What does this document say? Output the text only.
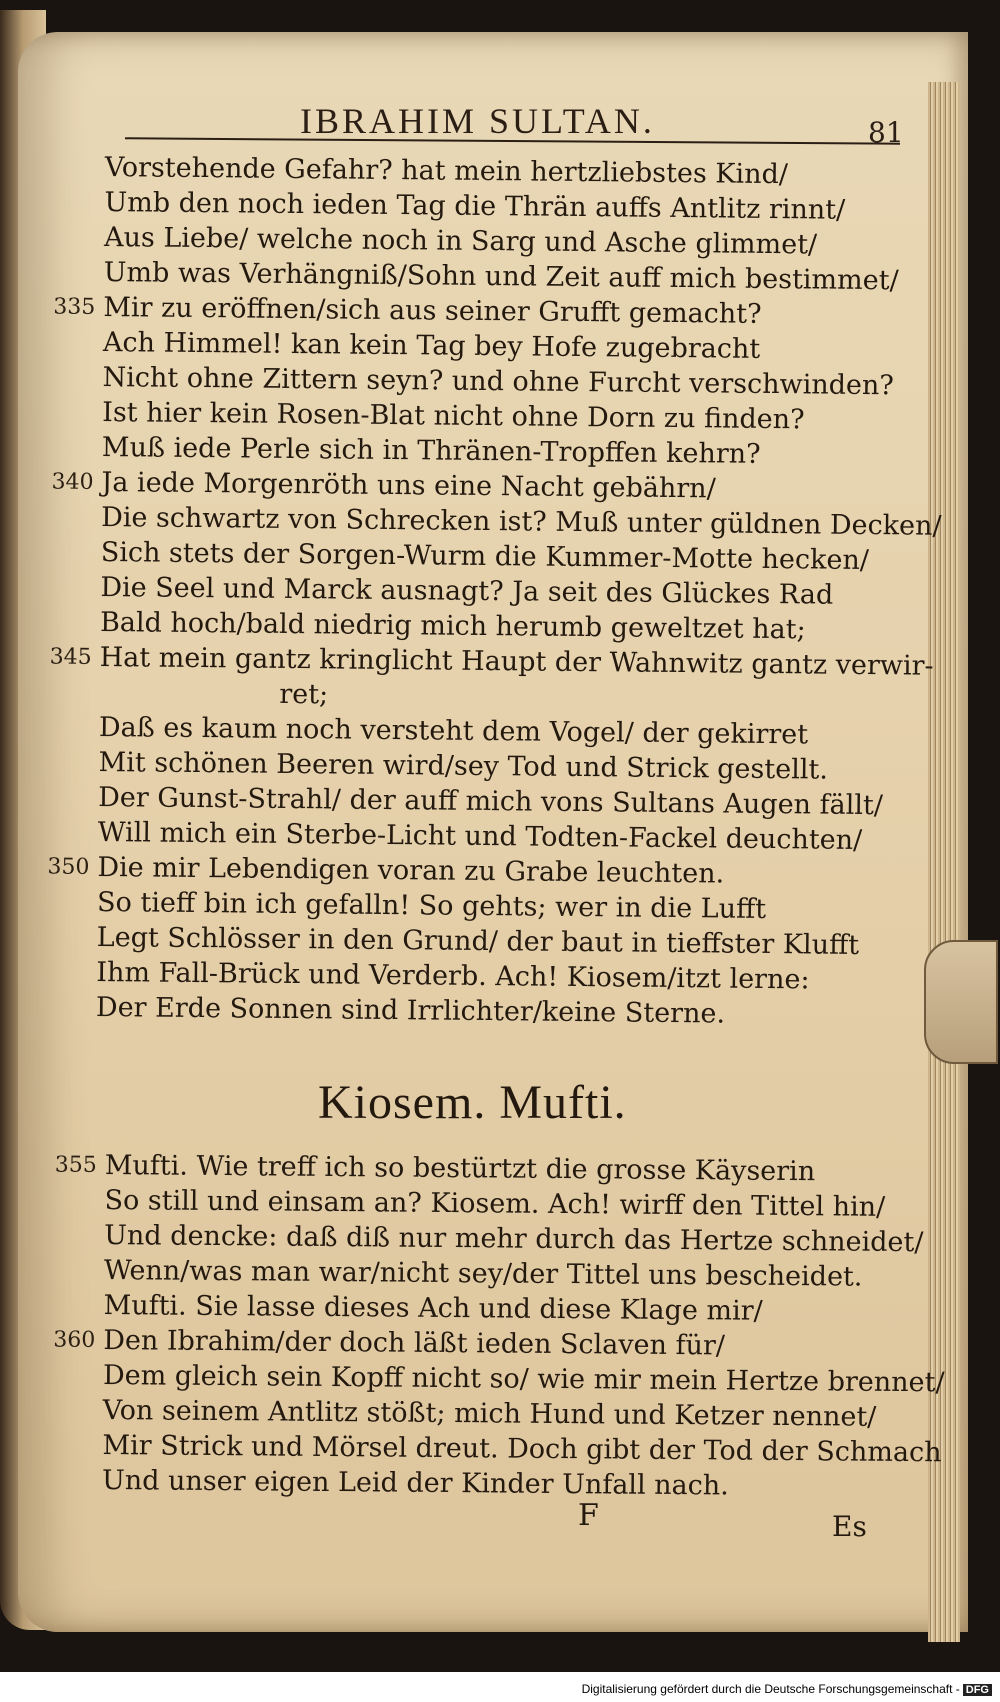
IBRAHIM SULTAN.	81
Vorstehende Gefahr? hat mein hertzliebstes Kind/
Umb den noch ieden Tag die Thrän auffs Antlitz rinnt/
Aus Liebe/ welche noch in Sarg und Asche glimmet/
Umb was Verhängniß/Sohn und Zeit auff mich bestimmet/
335 Mir zu eröffnen/sich aus seiner Grufft gemacht?
Ach Himmel! kan kein Tag bey Hofe zugebracht
Nicht ohne Zittern seyn? und ohne Furcht verschwinden?
Ist hier kein Rosen-Blat nicht ohne Dorn zu finden?
Muß iede Perle sich in Thränen-Tropffen kehrn?
340 Ja iede Morgenröth uns eine Nacht gebährn/
Die schwartz von Schrecken ist? Muß unter güldnen Decken/
Sich stets der Sorgen-Wurm die Kummer-Motte hecken/
Die Seel und Marck ausnagt? Ja seit des Glückes Rad
Bald hoch/bald niedrig mich herumb geweltzet hat;
345 Hat mein gantz kringlicht Haupt der Wahnwitz gantz verwir-
ret;
Daß es kaum noch versteht dem Vogel/ der gekirret
Mit schönen Beeren wird/sey Tod und Strick gestellt.
Der Gunst-Strahl/ der auff mich vons Sultans Augen fällt/
Will mich ein Sterbe-Licht und Todten-Fackel deuchten/
350 Die mir Lebendigen voran zu Grabe leuchten.
So tieff bin ich gefalln! So gehts; wer in die Lufft
Legt Schlösser in den Grund/ der baut in tieffster Klufft
Ihm Fall-Brück und Verderb. Ach! Kiosem/itzt lerne:
Der Erde Sonnen sind Irrlichter/keine Sterne.
Kiosem. Mufti.
355 Mufti. Wie treff ich so bestürtzt die grosse Käyserin
So still und einsam an? Kiosem. Ach! wirff den Tittel hin/
Und dencke: daß diß nur mehr durch das Hertze schneidet/
Wenn/was man war/nicht sey/der Tittel uns bescheidet.
Mufti. Sie lasse dieses Ach und diese Klage mir/
360 Den Ibrahim/der doch läßt ieden Sclaven für/
Dem gleich sein Kopff nicht so/ wie mir mein Hertze brennet/
Von seinem Antlitz stößt; mich Hund und Ketzer nennet/
Mir Strick und Mörsel dreut. Doch gibt der Tod der Schmach
Und unser eigen Leid der Kinder Unfall nach.
F	Es
Digitalisierung gefördert durch die Deutsche Forschungsgemeinschaft - DFG
